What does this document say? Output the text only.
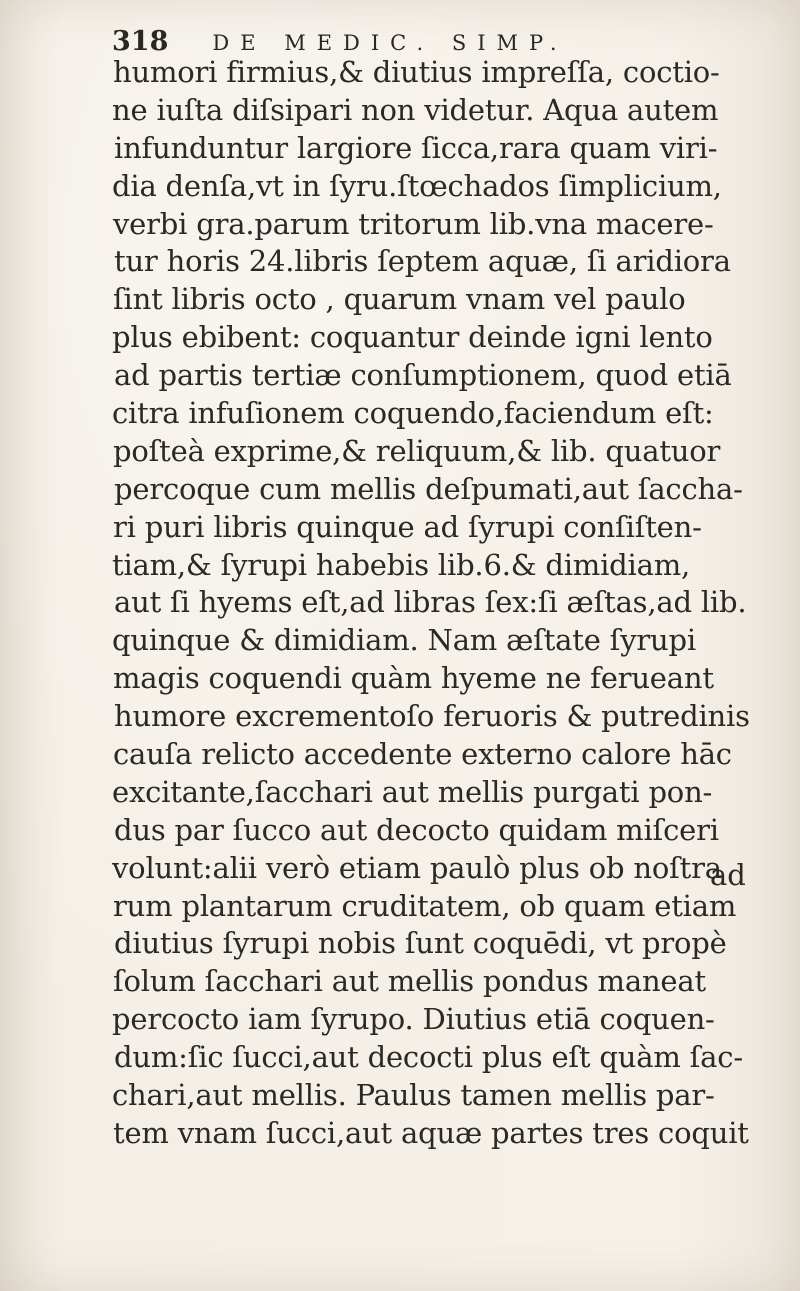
318 DE MEDIC. SIMP.
humori firmius,& diutius impreſſa, coctio-
ne iuſta diſsipari non videtur. Aqua autem
infunduntur largiore ſicca,rara quam viri-
dia denſa,vt in ſyru.ſtœchados ſimplicium,
verbi gra.parum tritorum lib.vna macere-
tur horis 24.libris ſeptem aquæ, ſi aridiora
ſint libris octo , quarum vnam vel paulo
plus ebibent: coquantur deinde igni lento
ad partis tertiæ conſumptionem, quod etiā
citra infuſionem coquendo,faciendum eſt:
poſteà exprime,& reliquum,& lib. quatuor
percoque cum mellis deſpumati,aut ſaccha-
ri puri libris quinque ad ſyrupi conſiſten-
tiam,& ſyrupi habebis lib.6.& dimidiam,
aut ſi hyems eſt,ad libras ſex:ſi æſtas,ad lib.
quinque & dimidiam. Nam æſtate ſyrupi
magis coquendi quàm hyeme ne ferueant
humore excrementoſo feruoris & putredinis
cauſa relicto accedente externo calore hāc
excitante,ſacchari aut mellis purgati pon-
dus par ſucco aut decocto quidam miſceri
volunt:alii verò etiam paulò plus ob noſtra
rum plantarum cruditatem, ob quam etiam
diutius ſyrupi nobis ſunt coquēdi, vt propè
ſolum ſacchari aut mellis pondus maneat
percocto iam ſyrupo. Diutius etiā coquen-
dum:ſic ſucci,aut decocti plus eſt quàm ſac-
chari,aut mellis. Paulus tamen mellis par-
tem vnam ſucci,aut aquæ partes tres coquit
ad
